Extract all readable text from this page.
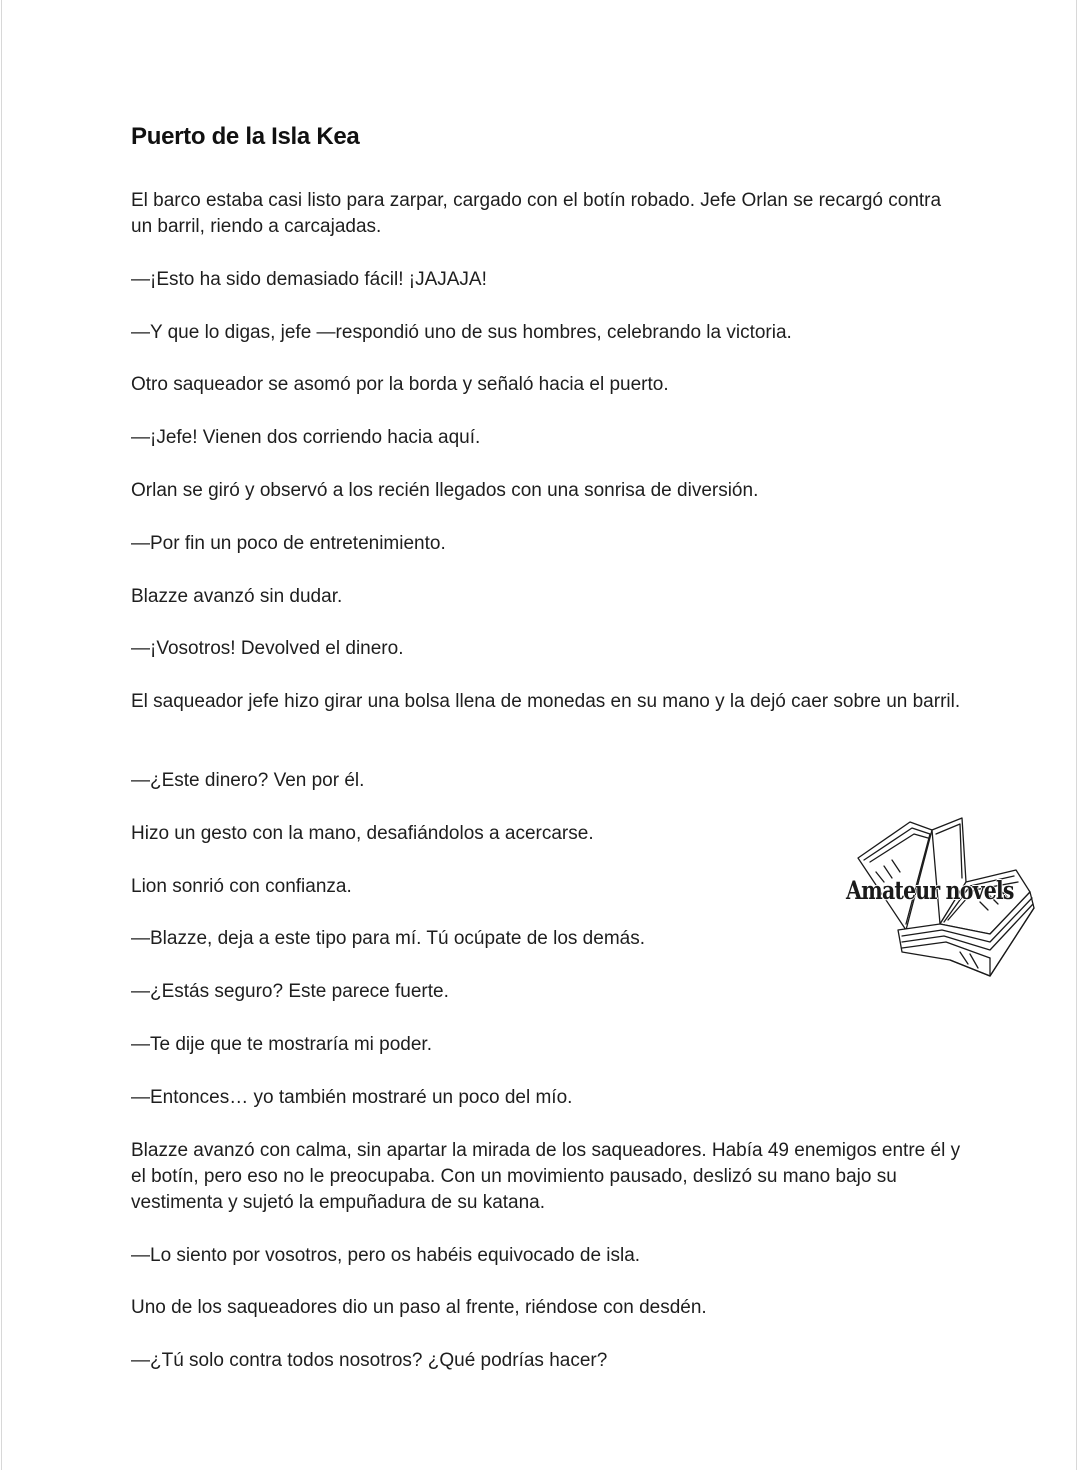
Puerto de la Isla Kea

El barco estaba casi listo para zarpar, cargado con el botín robado. Jefe Orlan se recargó contra un barril, riendo a carcajadas.

—¡Esto ha sido demasiado fácil! ¡JAJAJA!

—Y que lo digas, jefe —respondió uno de sus hombres, celebrando la victoria.

Otro saqueador se asomó por la borda y señaló hacia el puerto.

—¡Jefe! Vienen dos corriendo hacia aquí.

Orlan se giró y observó a los recién llegados con una sonrisa de diversión.

—Por fin un poco de entretenimiento.

Blazze avanzó sin dudar.

—¡Vosotros! Devolved el dinero.

El saqueador jefe hizo girar una bolsa llena de monedas en su mano y la dejó caer sobre un barril.

—¿Este dinero? Ven por él.

Hizo un gesto con la mano, desafiándolos a acercarse.

Lion sonrió con confianza.

—Blazze, deja a este tipo para mí. Tú ocúpate de los demás.

—¿Estás seguro? Este parece fuerte.

—Te dije que te mostraría mi poder.

—Entonces… yo también mostraré un poco del mío.

Blazze avanzó con calma, sin apartar la mirada de los saqueadores. Había 49 enemigos entre él y el botín, pero eso no le preocupaba. Con un movimiento pausado, deslizó su mano bajo su vestimenta y sujetó la empuñadura de su katana.

—Lo siento por vosotros, pero os habéis equivocado de isla.

Uno de los saqueadores dio un paso al frente, riéndose con desdén.

—¿Tú solo contra todos nosotros? ¿Qué podrías hacer?

Amateur novels
